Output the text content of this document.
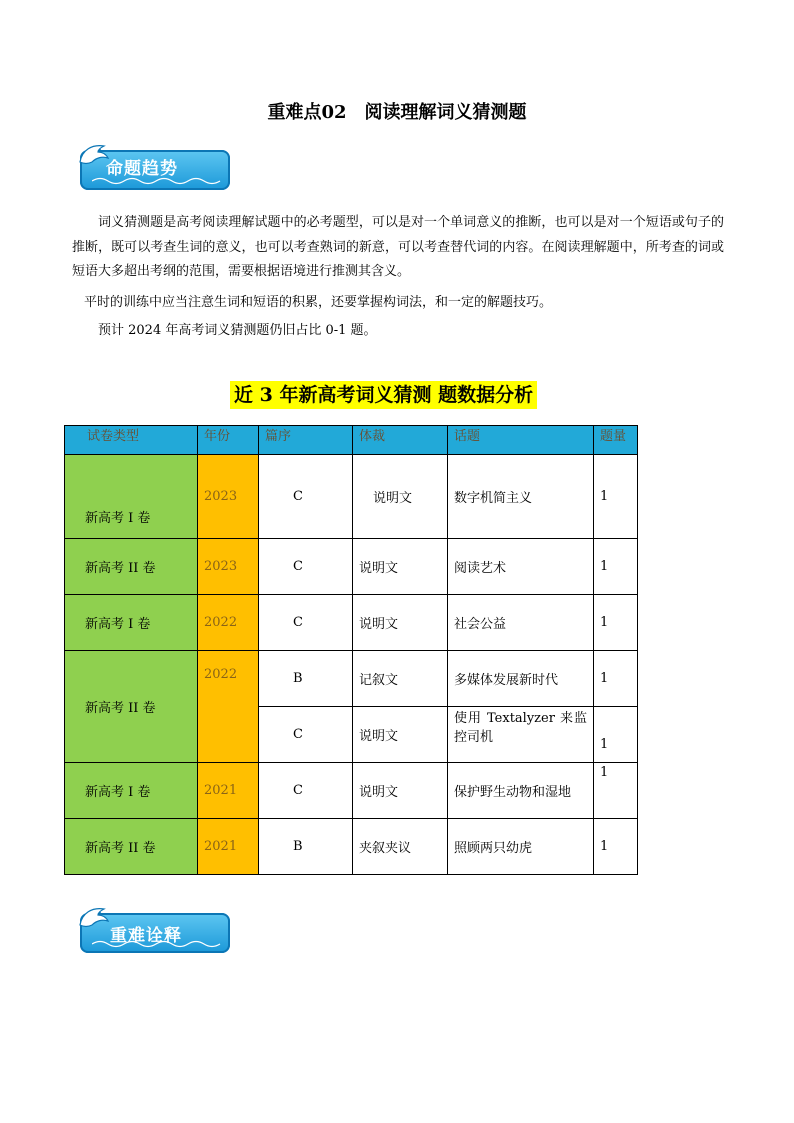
重难点02　阅读理解词义猜测题
命题趋势

词义猜测题是高考阅读理解试题中的必考题型，可以是对一个单词意义的推断，也可以是对一个短语或句子的推断，既可以考查生词的意义，也可以考查熟词的新意，可以考查替代词的内容。在阅读理解题中，所考查的词或短语大多超出考纲的范围，需要根据语境进行推测其含义。

平时的训练中应当注意生词和短语的积累，还要掌握构词法，和一定的解题技巧。

预计 2024 年高考词义猜测题仍旧占比 0-1 题。

近 3 年新高考词义猜测 题数据分析
试卷类型	年份	篇序	体裁	话题	题量
新高考 I 卷	2023	C	说明文	数字机简主义	1
新高考 II 卷	2023	C	说明文	阅读艺术	1
新高考 I 卷	2022	C	说明文	社会公益	1
新高考 II 卷	2022	B	记叙文	多媒体发展新时代	1
		C	说明文	使用 Textalyzer 来监控司机	1
新高考 I 卷	2021	C	说明文	保护野生动物和湿地	1
新高考 II 卷	2021	B	夹叙夹议	照顾两只幼虎	1
重难诠释
